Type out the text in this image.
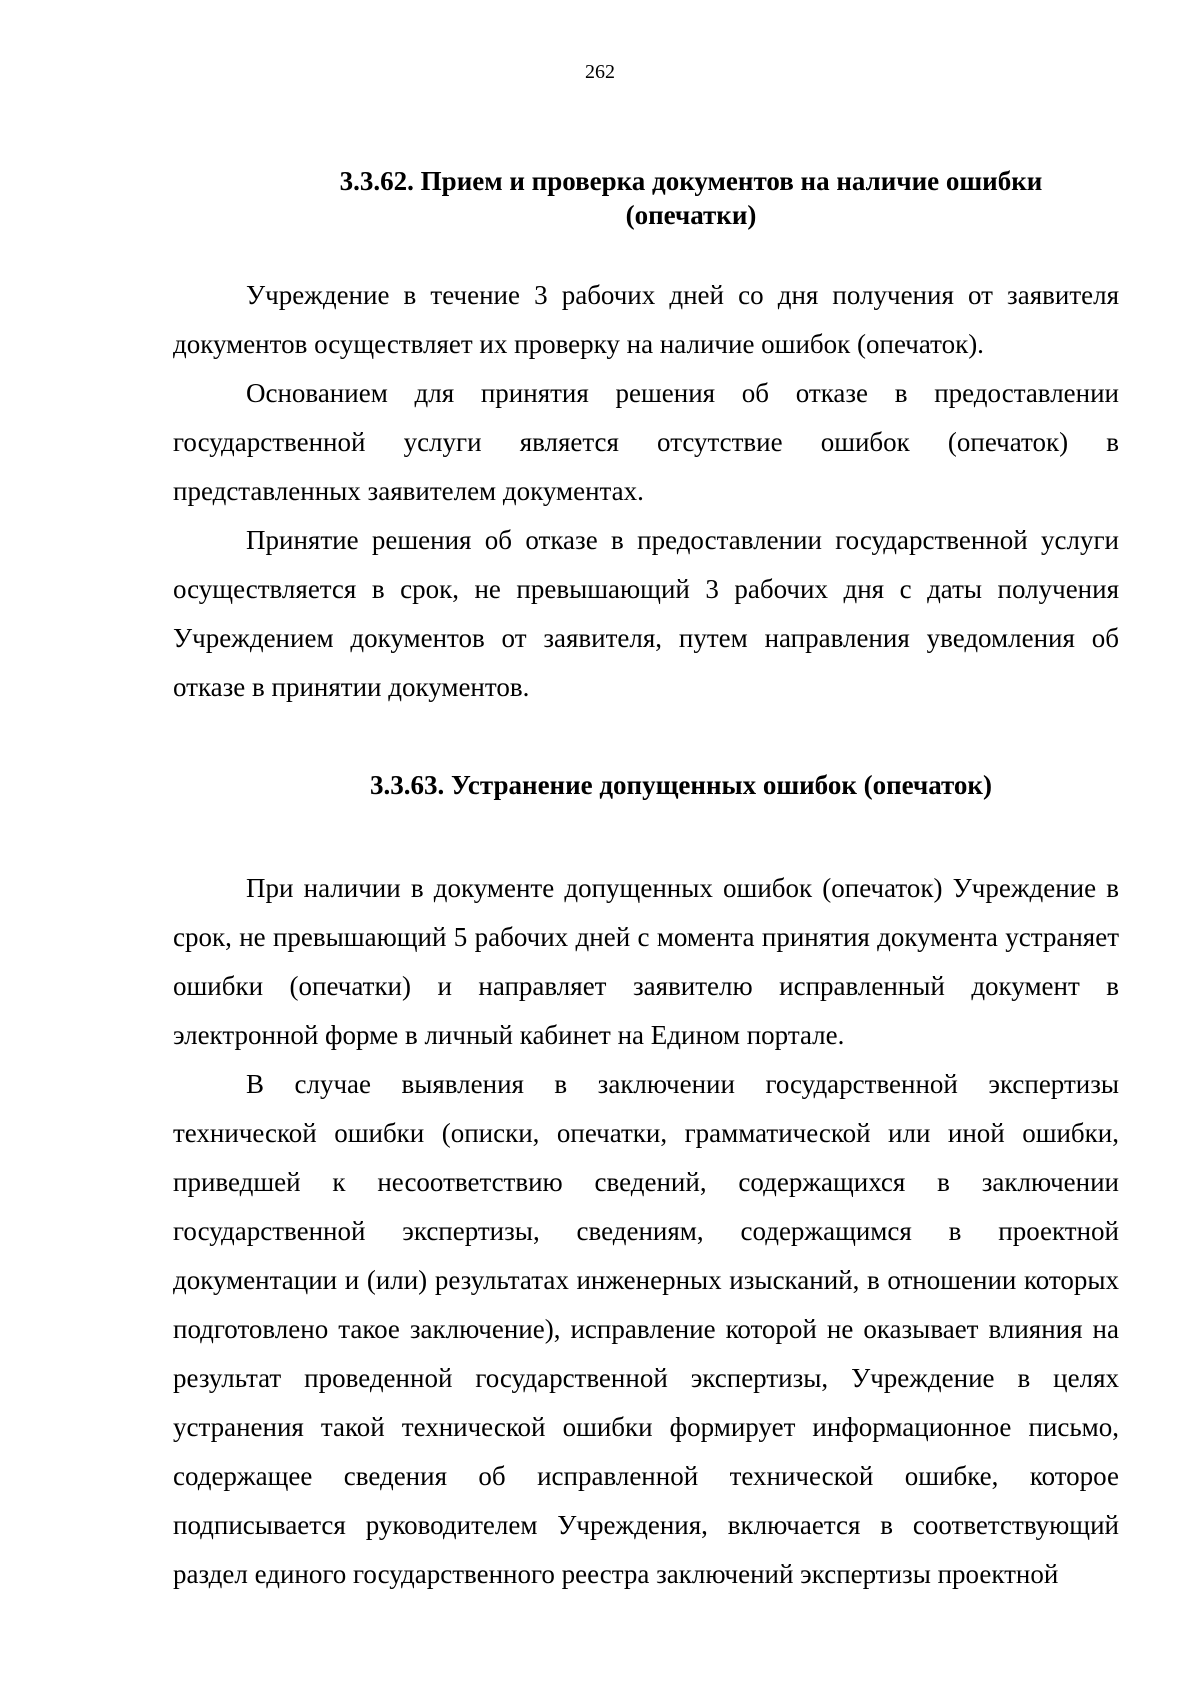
262
3.3.62. Прием и проверка документов на наличие ошибки
(опечатки)

Учреждение в течение 3 рабочих дней со дня получения от заявителя документов осуществляет их проверку на наличие ошибок (опечаток).

Основанием для принятия решения об отказе в предоставлении государственной услуги является отсутствие ошибок (опечаток) в представленных заявителем документах.

Принятие решения об отказе в предоставлении государственной услуги осуществляется в срок, не превышающий 3 рабочих дня с даты получения Учреждением документов от заявителя, путем направления уведомления об отказе в принятии документов.

3.3.63. Устранение допущенных ошибок (опечаток)

При наличии в документе допущенных ошибок (опечаток) Учреждение в срок, не превышающий 5 рабочих дней с момента принятия документа устраняет ошибки (опечатки) и направляет заявителю исправленный документ в электронной форме в личный кабинет на Едином портале.

В случае выявления в заключении государственной экспертизы технической ошибки (описки, опечатки, грамматической или иной ошибки, приведшей к несоответствию сведений, содержащихся в заключении государственной экспертизы, сведениям, содержащимся в проектной документации и (или) результатах инженерных изысканий, в отношении которых подготовлено такое заключение), исправление которой не оказывает влияния на результат проведенной государственной экспертизы, Учреждение в целях устранения такой технической ошибки формирует информационное письмо, содержащее сведения об исправленной технической ошибке, которое подписывается руководителем Учреждения, включается в соответствующий раздел единого государственного реестра заключений экспертизы проектной
